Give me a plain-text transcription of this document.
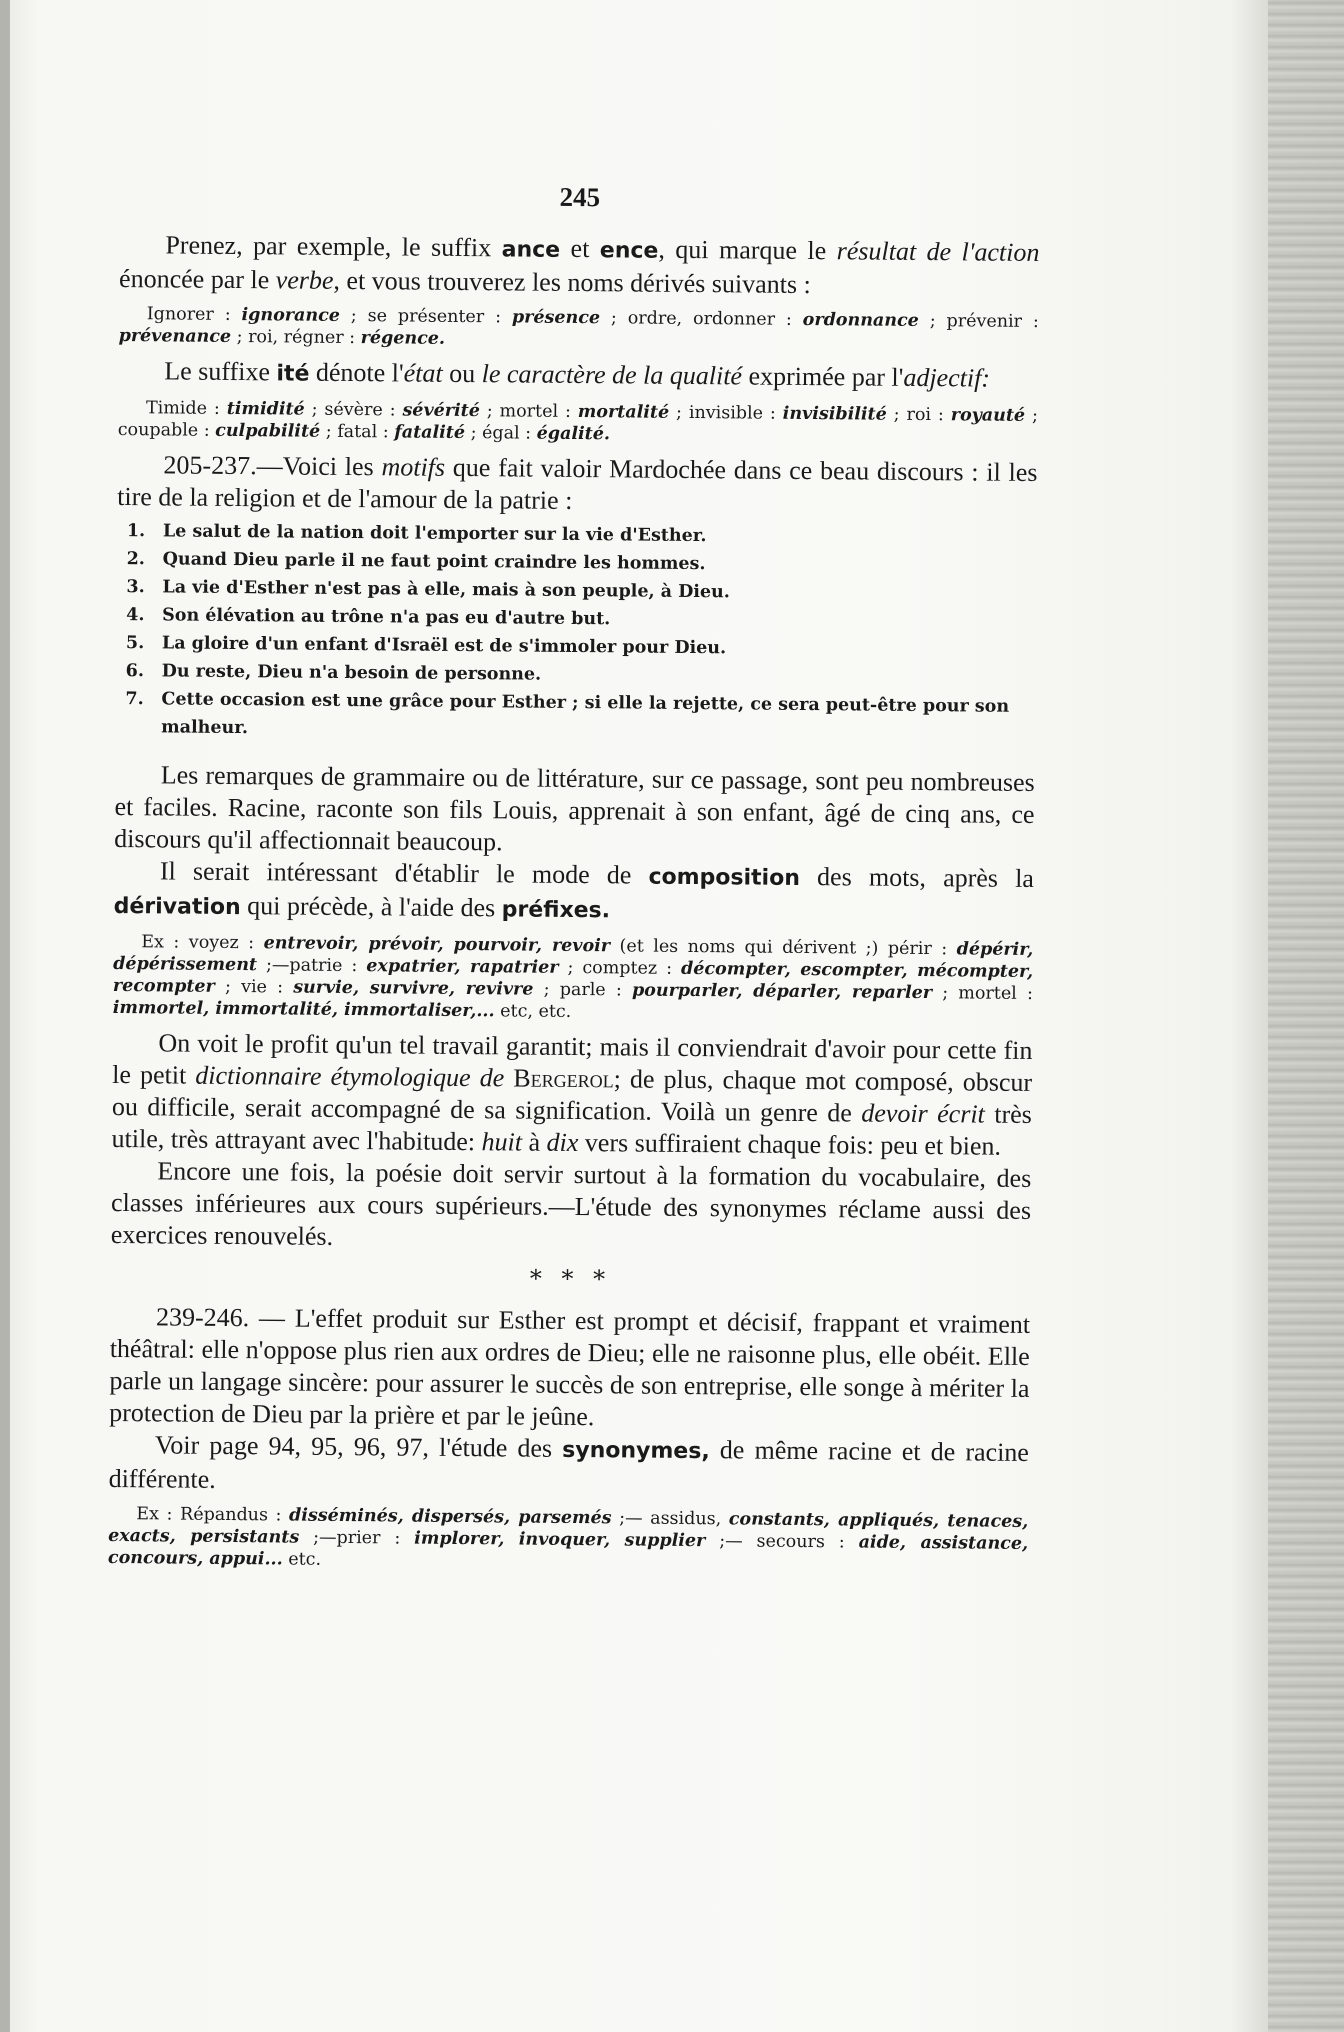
245

Prenez, par exemple, le suffix ance et ence, qui marque le résultat de l'action énoncée par le verbe, et vous trouverez les noms dérivés suivants :

Ignorer : ignorance ; se présenter : présence ; ordre, ordonner : ordonnance ; prévenir : prévenance ; roi, régner : régence.

Le suffixe ité dénote l'état ou le caractère de la qualité exprimée par l'adjectif:

Timide : timidité ; sévère : sévérité ; mortel : mortalité ; invisible : invisibilité ; roi : royauté ; coupable : culpabilité ; fatal : fatalité ; égal : égalité.

205-237.—Voici les motifs que fait valoir Mardochée dans ce beau discours : il les tire de la religion et de l'amour de la patrie :

1. Le salut de la nation doit l'emporter sur la vie d'Esther.
2. Quand Dieu parle il ne faut point craindre les hommes.
3. La vie d'Esther n'est pas à elle, mais à son peuple, à Dieu.
4. Son élévation au trône n'a pas eu d'autre but.
5. La gloire d'un enfant d'Israël est de s'immoler pour Dieu.
6. Du reste, Dieu n'a besoin de personne.
7. Cette occasion est une grâce pour Esther ; si elle la rejette, ce sera peut-être pour son malheur.

Les remarques de grammaire ou de littérature, sur ce passage, sont peu nombreuses et faciles. Racine, raconte son fils Louis, apprenait à son enfant, âgé de cinq ans, ce discours qu'il affectionnait beaucoup.

Il serait intéressant d'établir le mode de composition des mots, après la dérivation qui précède, à l'aide des préfixes.

Ex : voyez : entrevoir, prévoir, pourvoir, revoir (et les noms qui dérivent ;) périr : dépérir, dépérissement ;—patrie : expatrier, rapatrier ; comptez : décompter, escompter, mécompter, recompter ; vie : survie, survivre, revivre ; parle : pourparler, déparler, reparler ; mortel : immortel, immortalité, immortaliser,... etc, etc.

On voit le profit qu'un tel travail garantit; mais il conviendrait d'avoir pour cette fin le petit dictionnaire étymologique de Bergerol; de plus, chaque mot composé, obscur ou difficile, serait accompagné de sa signification. Voilà un genre de devoir écrit très utile, très attrayant avec l'habitude: huit à dix vers suffiraient chaque fois: peu et bien.

Encore une fois, la poésie doit servir surtout à la formation du vocabulaire, des classes inférieures aux cours supérieurs.—L'étude des synonymes réclame aussi des exercices renouvelés.

* * *

239-246. — L'effet produit sur Esther est prompt et décisif, frappant et vraiment théâtral: elle n'oppose plus rien aux ordres de Dieu; elle ne raisonne plus, elle obéit. Elle parle un langage sincère: pour assurer le succès de son entreprise, elle songe à mériter la protection de Dieu par la prière et par le jeûne.

Voir page 94, 95, 96, 97, l'étude des synonymes, de même racine et de racine différente.

Ex : Répandus : disséminés, dispersés, parsemés ;— assidus, constants, appliqués, tenaces, exacts, persistants ;—prier : implorer, invoquer, supplier ;— secours : aide, assistance, concours, appui... etc.
